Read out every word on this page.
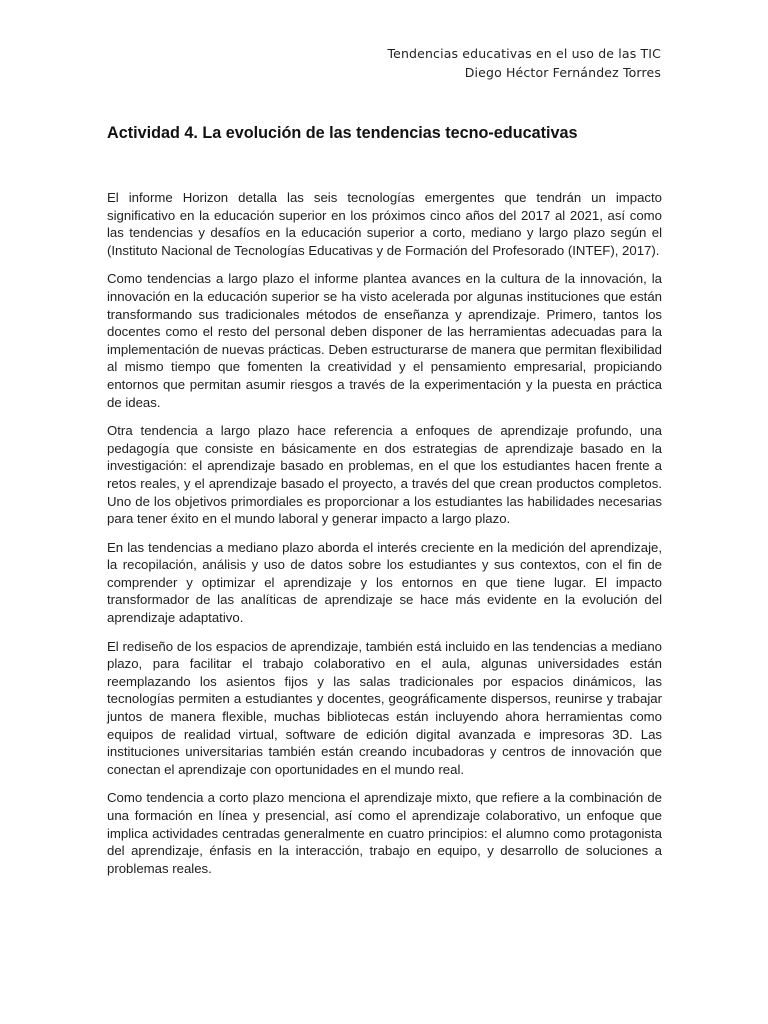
Tendencias educativas en el uso de las TIC
Diego Héctor Fernández Torres
Actividad 4. La evolución de las tendencias tecno-educativas

El informe Horizon detalla las seis tecnologías emergentes que tendrán un impacto significativo en la educación superior en los próximos cinco años del 2017 al 2021, así como las tendencias y desafíos en la educación superior a corto, mediano y largo plazo según el (Instituto Nacional de Tecnologías Educativas y de Formación del Profesorado (INTEF), 2017).

Como tendencias a largo plazo el informe plantea avances en la cultura de la innovación, la innovación en la educación superior se ha visto acelerada por algunas instituciones que están transformando sus tradicionales métodos de enseñanza y aprendizaje. Primero, tantos los docentes como el resto del personal deben disponer de las herramientas adecuadas para la implementación de nuevas prácticas. Deben estructurarse de manera que permitan flexibilidad al mismo tiempo que fomenten la creatividad y el pensamiento empresarial, propiciando entornos que permitan asumir riesgos a través de la experimentación y la puesta en práctica de ideas.

Otra tendencia a largo plazo hace referencia a enfoques de aprendizaje profundo, una pedagogía que consiste en básicamente en dos estrategias de aprendizaje basado en la investigación: el aprendizaje basado en problemas, en el que los estudiantes hacen frente a retos reales, y el aprendizaje basado el proyecto, a través del que crean productos completos. Uno de los objetivos primordiales es proporcionar a los estudiantes las habilidades necesarias para tener éxito en el mundo laboral y generar impacto a largo plazo.

En las tendencias a mediano plazo aborda el interés creciente en la medición del aprendizaje, la recopilación, análisis y uso de datos sobre los estudiantes y sus contextos, con el fin de comprender y optimizar el aprendizaje y los entornos en que tiene lugar. El impacto transformador de las analíticas de aprendizaje se hace más evidente en la evolución del aprendizaje adaptativo.

El rediseño de los espacios de aprendizaje, también está incluido en las tendencias a mediano plazo, para facilitar el trabajo colaborativo en el aula, algunas universidades están reemplazando los asientos fijos y las salas tradicionales por espacios dinámicos, las tecnologías permiten a estudiantes y docentes, geográficamente dispersos, reunirse y trabajar juntos de manera flexible, muchas bibliotecas están incluyendo ahora herramientas como equipos de realidad virtual, software de edición digital avanzada e impresoras 3D. Las instituciones universitarias también están creando incubadoras y centros de innovación que conectan el aprendizaje con oportunidades en el mundo real.

Como tendencia a corto plazo menciona el aprendizaje mixto, que refiere a la combinación de una formación en línea y presencial, así como el aprendizaje colaborativo, un enfoque que implica actividades centradas generalmente en cuatro principios: el alumno como protagonista del aprendizaje, énfasis en la interacción, trabajo en equipo, y desarrollo de soluciones a problemas reales.
